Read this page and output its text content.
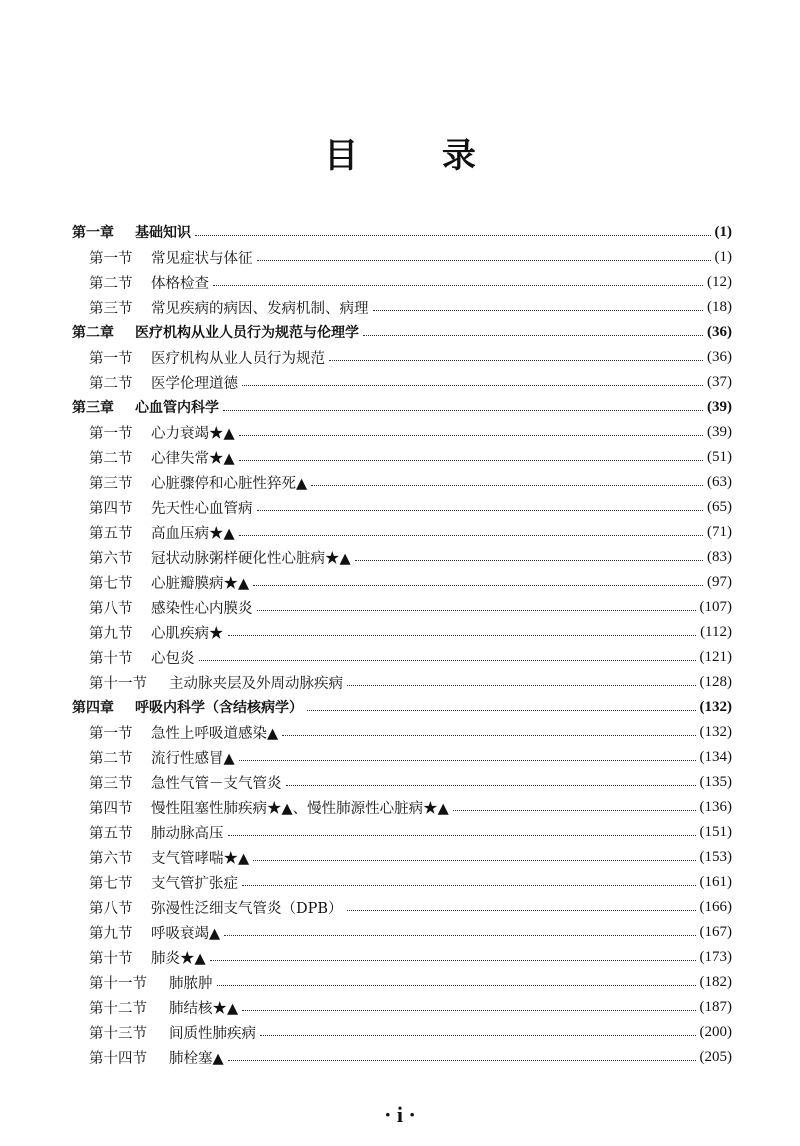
目 录
第一章	基础知识	(1)
第一节	常见症状与体征	(1)
第二节	体格检查	(12)
第三节	常见疾病的病因、发病机制、病理	(18)
第二章	医疗机构从业人员行为规范与伦理学	(36)
第一节	医疗机构从业人员行为规范	(36)
第二节	医学伦理道德	(37)
第三章	心血管内科学	(39)
第一节	心力衰竭★▲	(39)
第二节	心律失常★▲	(51)
第三节	心脏骤停和心脏性猝死▲	(63)
第四节	先天性心血管病	(65)
第五节	高血压病★▲	(71)
第六节	冠状动脉粥样硬化性心脏病★▲	(83)
第七节	心脏瓣膜病★▲	(97)
第八节	感染性心内膜炎	(107)
第九节	心肌疾病★	(112)
第十节	心包炎	(121)
第十一节	主动脉夹层及外周动脉疾病	(128)
第四章	呼吸内科学（含结核病学）	(132)
第一节	急性上呼吸道感染▲	(132)
第二节	流行性感冒▲	(134)
第三节	急性气管－支气管炎	(135)
第四节	慢性阻塞性肺疾病★▲、慢性肺源性心脏病★▲	(136)
第五节	肺动脉高压	(151)
第六节	支气管哮喘★▲	(153)
第七节	支气管扩张症	(161)
第八节	弥漫性泛细支气管炎（DPB）	(166)
第九节	呼吸衰竭▲	(167)
第十节	肺炎★▲	(173)
第十一节	肺脓肿	(182)
第十二节	肺结核★▲	(187)
第十三节	间质性肺疾病	(200)
第十四节	肺栓塞▲	(205)
· i ·
